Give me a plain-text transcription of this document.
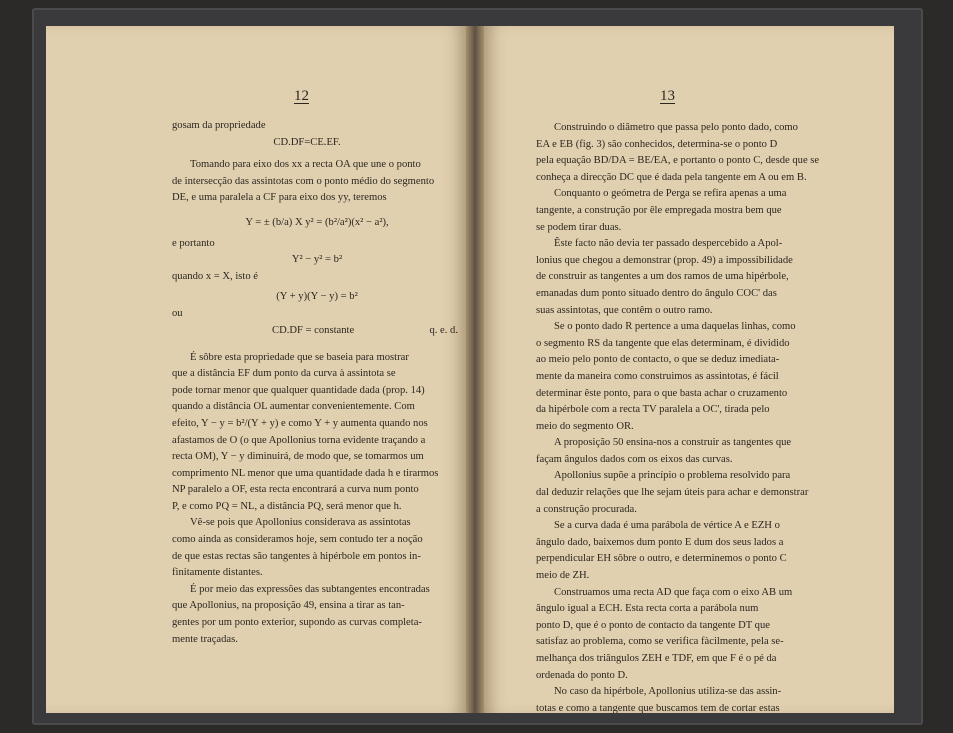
12

gosam da propriedade

CD.DF=CE.EF.

Tomando para eixo dos xx a recta OA que une o ponto

de intersecção das assintotas com o ponto médio do segmento

DE, e uma paralela a CF para eixo dos yy, teremos

Y = ± (b/a) X y² = (b²/a²)(x² − a²),

e portanto

Y² − y² = b²

quando x = X, isto é

(Y + y)(Y − y) = b²

ou

CD.DF = constante	q. e. d.

É sôbre esta propriedade que se baseia para mostrar

que a distância EF dum ponto da curva à assintota se

pode tornar menor que qualquer quantidade dada (prop. 14)

quando a distância OL aumentar convenientemente. Com

efeito, Y − y = b²/(Y + y) e como Y + y aumenta quando nos

afastamos de O (o que Apollonius torna evidente traçando a

recta OM), Y − y diminuirá, de modo que, se tomarmos um

comprimento NL menor que uma quantidade dada h e tirarmos

NP paralelo a OF, esta recta encontrará a curva num ponto

P, e como PQ = NL, a distância PQ, será menor que h.

Vê-se pois que Apollonius considerava as assintotas

como ainda as consideramos hoje, sem contudo ter a noção

de que estas rectas são tangentes à hipérbole em pontos in-

finitamente distantes.

É por meio das expressões das subtangentes encontradas

que Apollonius, na proposição 49, ensina a tirar as tan-

gentes por um ponto exterior, supondo as curvas completa-

mente traçadas.

13

Construindo o diâmetro que passa pelo ponto dado, como

EA e EB (fig. 3) são conhecidos, determina-se o ponto D

pela equação BD/DA = BE/EA, e portanto o ponto C, desde que se

conheça a direcção DC que é dada pela tangente em A ou em B.

Conquanto o geómetra de Perga se refira apenas a uma

tangente, a construção por êle empregada mostra bem que

se podem tirar duas.

Êste facto não devia ter passado despercebido a Apol-

lonius que chegou a demonstrar (prop. 49) a impossibilidade

de construir as tangentes a um dos ramos de uma hipérbole,

emanadas dum ponto situado dentro do ângulo COC' das

suas assintotas, que contêm o outro ramo.

Se o ponto dado R pertence a uma daquelas linhas, como

o segmento RS da tangente que elas determinam, é dividido

ao meio pelo ponto de contacto, o que se deduz imediata-

mente da maneira como construimos as assintotas, é fácil

determinar êste ponto, para o que basta achar o cruzamento

da hipérbole com a recta TV paralela a OC', tirada pelo

meio do segmento OR.

A proposição 50 ensina-nos a construir as tangentes que

façam ângulos dados com os eixos das curvas.

Apollonius supõe a princípio o problema resolvido para

dal deduzir relações que lhe sejam úteis para achar e demonstrar

a construção procurada.

Se a curva dada é uma parábola de vértice A e EZH o

ângulo dado, baixemos dum ponto E dum dos seus lados a

perpendicular EH sôbre o outro, e determinemos o ponto C

meio de ZH.

Construamos uma recta AD que faça com o eixo AB um

ângulo igual a ECH. Esta recta corta a parábola num

ponto D, que é o ponto de contacto da tangente DT que

satisfaz ao problema, como se verifica fàcilmente, pela se-

melhança dos triângulos ZEH e TDF, em que F é o pé da

ordenada do ponto D.

No caso da hipérbole, Apollonius utiliza-se das assin-

totas e como a tangente que buscamos tem de cortar estas
